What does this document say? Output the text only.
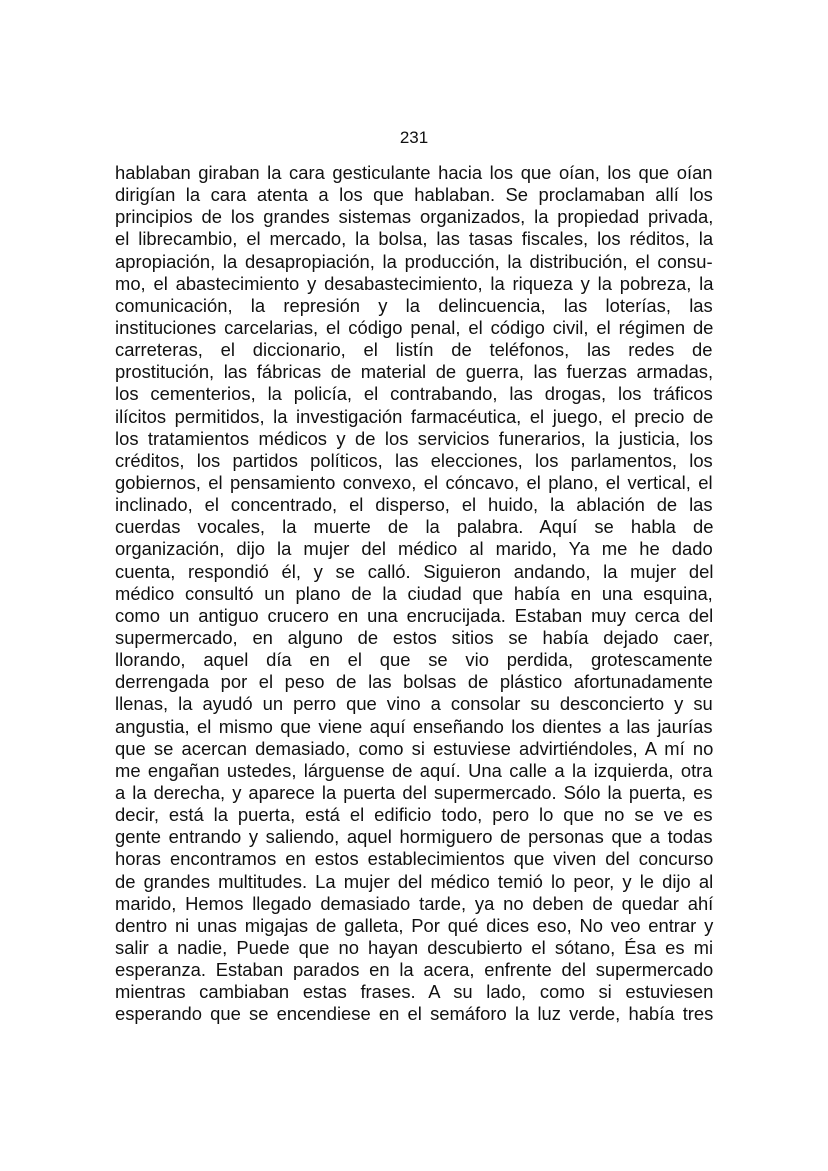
231
hablaban giraban la cara gesticulante hacia los que oían, los que oían
dirigían la cara atenta a los que hablaban. Se proclamaban allí los
principios de los grandes sistemas organizados, la propiedad privada,
el librecambio, el mercado, la bolsa, las tasas fiscales, los réditos, la
apropiación, la desapropiación, la producción, la distribución, el consu-
mo, el abastecimiento y desabastecimiento, la riqueza y la pobreza, la
comunicación, la represión y la delincuencia, las loterías, las
instituciones carcelarias, el código penal, el código civil, el régimen de
carreteras, el diccionario, el listín de teléfonos, las redes de
prostitución, las fábricas de material de guerra, las fuerzas armadas,
los cementerios, la policía, el contrabando, las drogas, los tráficos
ilícitos permitidos, la investigación farmacéutica, el juego, el precio de
los tratamientos médicos y de los servicios funerarios, la justicia, los
créditos, los partidos políticos, las elecciones, los parlamentos, los
gobiernos, el pensamiento convexo, el cóncavo, el plano, el vertical, el
inclinado, el concentrado, el disperso, el huido, la ablación de las
cuerdas vocales, la muerte de la palabra. Aquí se habla de
organización, dijo la mujer del médico al marido, Ya me he dado
cuenta, respondió él, y se calló. Siguieron andando, la mujer del
médico consultó un plano de la ciudad que había en una esquina,
como un antiguo crucero en una encrucijada. Estaban muy cerca del
supermercado, en alguno de estos sitios se había dejado caer,
llorando, aquel día en el que se vio perdida, grotescamente
derrengada por el peso de las bolsas de plástico afortunadamente
llenas, la ayudó un perro que vino a consolar su desconcierto y su
angustia, el mismo que viene aquí enseñando los dientes a las jaurías
que se acercan demasiado, como si estuviese advirtiéndoles, A mí no
me engañan ustedes, lárguense de aquí. Una calle a la izquierda, otra
a la derecha, y aparece la puerta del supermercado. Sólo la puerta, es
decir, está la puerta, está el edificio todo, pero lo que no se ve es
gente entrando y saliendo, aquel hormiguero de personas que a todas
horas encontramos en estos establecimientos que viven del concurso
de grandes multitudes. La mujer del médico temió lo peor, y le dijo al
marido, Hemos llegado demasiado tarde, ya no deben de quedar ahí
dentro ni unas migajas de galleta, Por qué dices eso, No veo entrar y
salir a nadie, Puede que no hayan descubierto el sótano, Ésa es mi
esperanza. Estaban parados en la acera, enfrente del supermercado
mientras cambiaban estas frases. A su lado, como si estuviesen
esperando que se encendiese en el semáforo la luz verde, había tres
